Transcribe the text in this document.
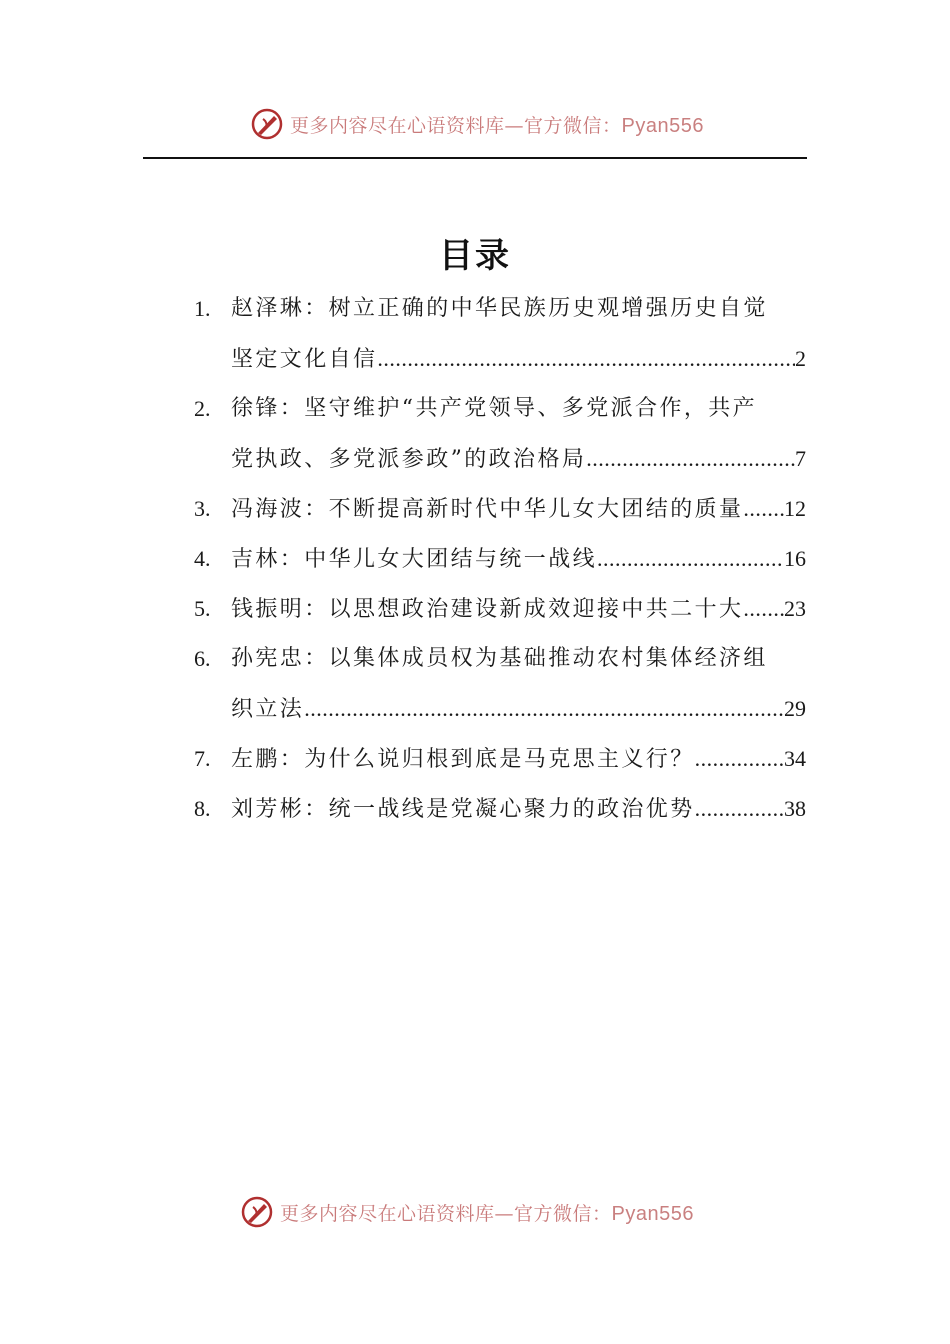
更多内容尽在心语资料库—官方微信：Pyan556
目录
1. 赵泽琳：树立正确的中华民族历史观增强历史自觉
坚定文化自信 .....	2
2. 徐锋：坚守维护“共产党领导、多党派合作，共产
党执政、多党派参政”的政治格局 .....	7
3. 冯海波：不断提高新时代中华儿女大团结的质量 ..... 12
4. 吉林：中华儿女大团结与统一战线 .....	16
5. 钱振明：以思想政治建设新成效迎接中共二十大 ..... 23
6. 孙宪忠：以集体成员权为基础推动农村集体经济组
织立法 .....	29
7. 左鹏：为什么说归根到底是马克思主义行？ .....	34
8. 刘芳彬：统一战线是党凝心聚力的政治优势 .....	38
更多内容尽在心语资料库—官方微信：Pyan556
